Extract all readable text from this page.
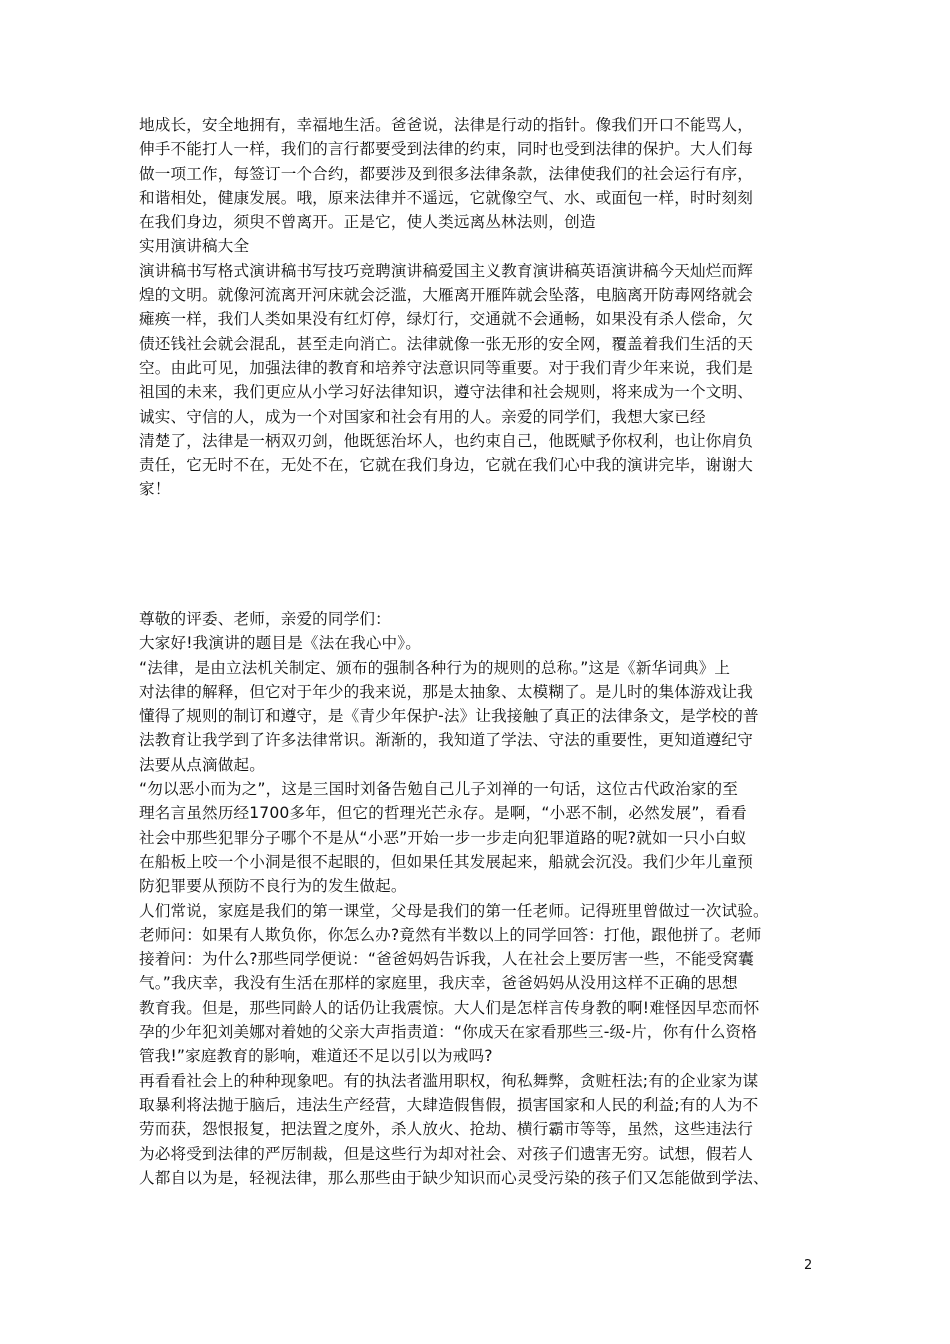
地成长，安全地拥有，幸福地生活。爸爸说，法律是行动的指针。像我们开口不能骂人，
伸手不能打人一样，我们的言行都要受到法律的约束，同时也受到法律的保护。大人们每
做一项工作，每签订一个合约，都要涉及到很多法律条款，法律使我们的社会运行有序，
和谐相处，健康发展。哦，原来法律并不遥远，它就像空气、水、或面包一样，时时刻刻
在我们身边，须臾不曾离开。正是它，使人类远离丛林法则，创造
实用演讲稿大全
演讲稿书写格式演讲稿书写技巧竞聘演讲稿爱国主义教育演讲稿英语演讲稿今天灿烂而辉
煌的文明。就像河流离开河床就会泛滥，大雁离开雁阵就会坠落，电脑离开防毒网络就会
瘫痪一样，我们人类如果没有红灯停，绿灯行，交通就不会通畅，如果没有杀人偿命，欠
债还钱社会就会混乱，甚至走向消亡。法律就像一张无形的安全网，覆盖着我们生活的天
空。由此可见，加强法律的教育和培养守法意识同等重要。对于我们青少年来说，我们是
祖国的未来，我们更应从小学习好法律知识，遵守法律和社会规则，将来成为一个文明、
诚实、守信的人，成为一个对国家和社会有用的人。亲爱的同学们，我想大家已经
清楚了，法律是一柄双刃剑，他既惩治坏人，也约束自己，他既赋予你权利，也让你肩负
责任，它无时不在，无处不在，它就在我们身边，它就在我们心中我的演讲完毕，谢谢大
家！
尊敬的评委、老师，亲爱的同学们：
大家好!我演讲的题目是《法在我心中》。
“法律，是由立法机关制定、颁布的强制各种行为的规则的总称。”这是《新华词典》上
对法律的解释，但它对于年少的我来说，那是太抽象、太模糊了。是儿时的集体游戏让我
懂得了规则的制订和遵守，是《青少年保护-法》让我接触了真正的法律条文，是学校的普
法教育让我学到了许多法律常识。渐渐的，我知道了学法、守法的重要性，更知道遵纪守
法要从点滴做起。
“勿以恶小而为之”，这是三国时刘备告勉自己儿子刘禅的一句话，这位古代政治家的至
理名言虽然历经1700多年，但它的哲理光芒永存。是啊，“小恶不制，必然发展”，看看
社会中那些犯罪分子哪个不是从“小恶”开始一步一步走向犯罪道路的呢?就如一只小白蚁
在船板上咬一个小洞是很不起眼的，但如果任其发展起来，船就会沉没。我们少年儿童预
防犯罪要从预防不良行为的发生做起。
人们常说，家庭是我们的第一课堂，父母是我们的第一任老师。记得班里曾做过一次试验。
老师问：如果有人欺负你，你怎么办?竟然有半数以上的同学回答：打他，跟他拼了。老师
接着问：为什么?那些同学便说：“爸爸妈妈告诉我，人在社会上要厉害一些，不能受窝囊
气。”我庆幸，我没有生活在那样的家庭里，我庆幸，爸爸妈妈从没用这样不正确的思想
教育我。但是，那些同龄人的话仍让我震惊。大人们是怎样言传身教的啊!难怪因早恋而怀
孕的少年犯刘美娜对着她的父亲大声指责道：“你成天在家看那些三-级-片，你有什么资格
管我!”家庭教育的影响，难道还不足以引以为戒吗?
再看看社会上的种种现象吧。有的执法者滥用职权，徇私舞弊，贪赃枉法;有的企业家为谋
取暴利将法抛于脑后，违法生产经营，大肆造假售假，损害国家和人民的利益;有的人为不
劳而获，怨恨报复，把法置之度外，杀人放火、抢劫、横行霸市等等，虽然，这些违法行
为必将受到法律的严厉制裁，但是这些行为却对社会、对孩子们遗害无穷。试想，假若人
人都自以为是，轻视法律，那么那些由于缺少知识而心灵受污染的孩子们又怎能做到学法、
2
